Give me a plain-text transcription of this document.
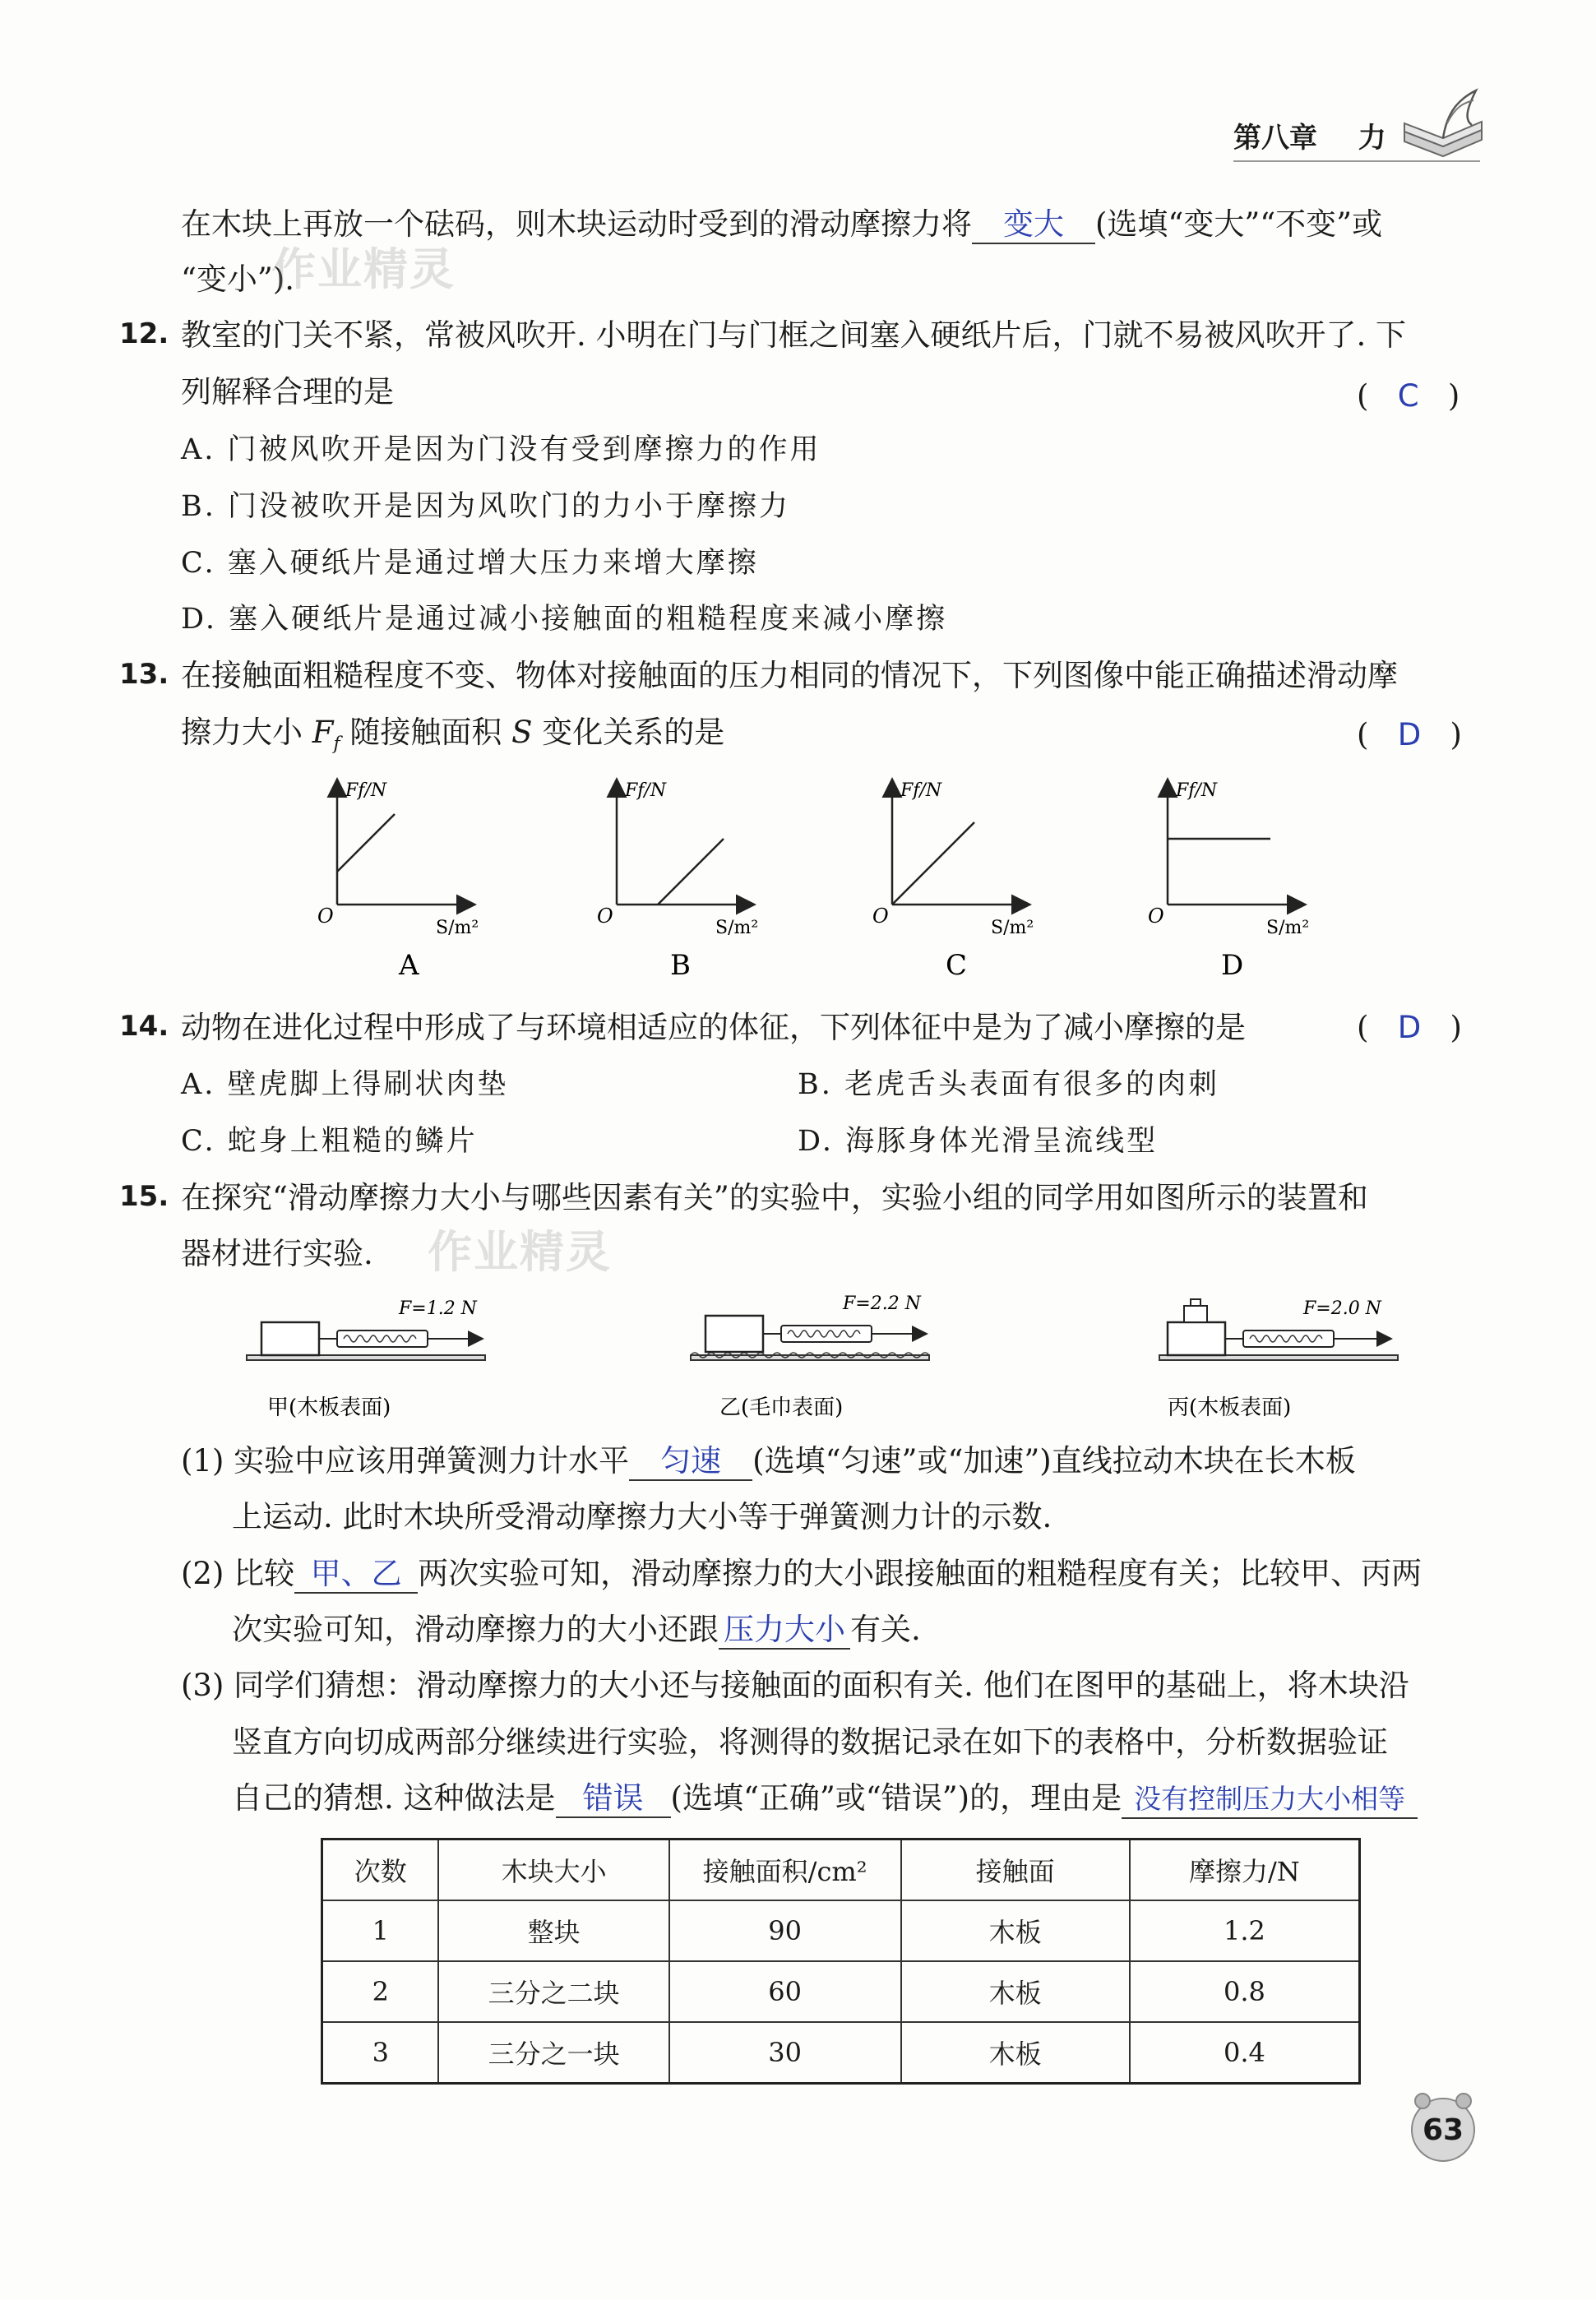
第八章 力
在木块上再放一个砝码，则木块运动时受到的滑动摩擦力将 变大 (选填“变大”“不变”或
“变小”).
作业精灵
12. 教室的门关不紧，常被风吹开. 小明在门与门框之间塞入硬纸片后，门就不易被风吹开了. 下
列解释合理的是	(   C   )
A. 门被风吹开是因为门没有受到摩擦力的作用
B. 门没被吹开是因为风吹门的力小于摩擦力
C. 塞入硬纸片是通过增大压力来增大摩擦
D. 塞入硬纸片是通过减小接触面的粗糙程度来减小摩擦
13. 在接触面粗糙程度不变、物体对接触面的压力相同的情况下，下列图像中能正确描述滑动摩
擦力大小 $F_f$ 随接触面积 S 变化关系的是	(   D   )
Ff/N
O
S/m²
A
Ff/N
O
S/m²
B
Ff/N
O
S/m²
C
Ff/N
O
S/m²
D
14. 动物在进化过程中形成了与环境相适应的体征，下列体征中是为了减小摩擦的是	(   D   )
A. 壁虎脚上得刷状肉垫	B. 老虎舌头表面有很多的肉刺
C. 蛇身上粗糙的鳞片	D. 海豚身体光滑呈流线型
15. 在探究“滑动摩擦力大小与哪些因素有关”的实验中，实验小组的同学用如图所示的装置和
器材进行实验. 作业精灵
F=1.2 N
甲(木板表面)
F=2.2 N
乙(毛巾表面)
F=2.0 N
丙(木板表面)
(1) 实验中应该用弹簧测力计水平 匀速 (选填“匀速”或“加速”)直线拉动木块在长木板
上运动. 此时木块所受滑动摩擦力大小等于弹簧测力计的示数.
(2) 比较 甲、乙 两次实验可知，滑动摩擦力的大小跟接触面的粗糙程度有关；比较甲、丙两
次实验可知，滑动摩擦力的大小还跟 压力大小 有关.
(3) 同学们猜想：滑动摩擦力的大小还与接触面的面积有关. 他们在图甲的基础上，将木块沿
竖直方向切成两部分继续进行实验，将测得的数据记录在如下的表格中，分析数据验证
自己的猜想. 这种做法是 错误 (选填“正确”或“错误”)的，理由是 没有控制压力大小相等
次数	木块大小	接触面积/cm²	接触面	摩擦力/N
1	整块	90	木板	1.2
2	三分之二块	60	木板	0.8
3	三分之一块	30	木板	0.4
63
